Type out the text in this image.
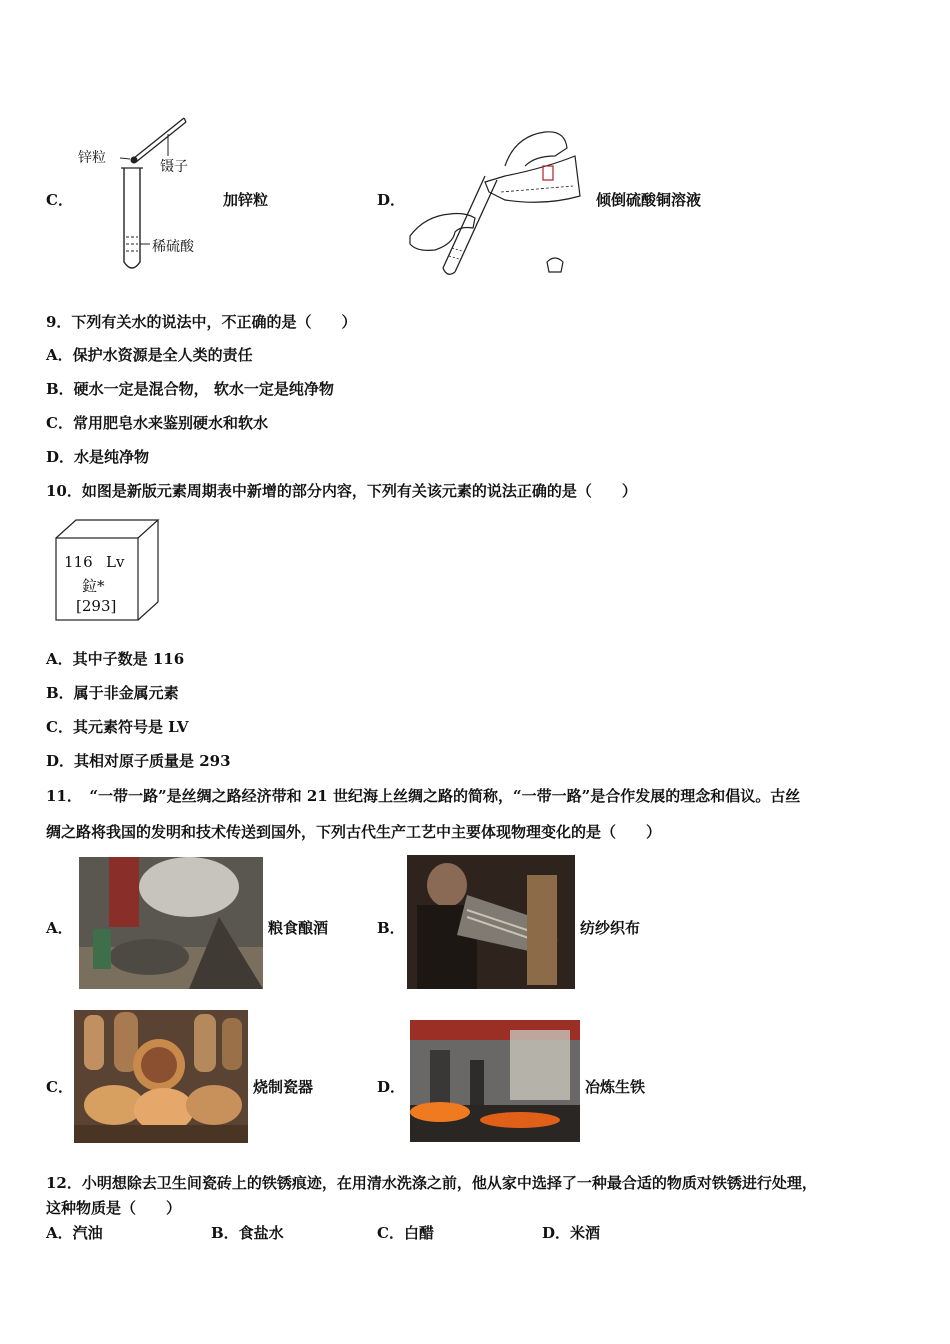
C．
锌粒
镊子
稀硫酸
加锌粒	D．	倾倒硫酸铜溶液
9．下列有关水的说法中，不正确的是（　　）
A．保护水资源是全人类的责任
B．硬水一定是混合物， 软水一定是纯净物
C．常用肥皂水来鉴别硬水和软水
D．水是纯净物
10．如图是新版元素周期表中新增的部分内容，下列有关该元素的说法正确的是（　　）
116 Lv
鉝*
[293]
A．其中子数是 116
B．属于非金属元素
C．其元素符号是 LV
D．其相对原子质量是 293
11．　“一带一路”是丝绸之路经济带和 21 世纪海上丝绸之路的简称，“一带一路”是合作发展的理念和倡议。古丝
绸之路将我国的发明和技术传送到国外，下列古代生产工艺中主要体现物理变化的是（　　）
A．	粮食酿酒	B．	纺纱织布
C．	烧制瓷器	D．	冶炼生铁
12．小明想除去卫生间瓷砖上的铁锈痕迹，在用清水洗涤之前，他从家中选择了一种最合适的物质对铁锈进行处理，
这种物质是（　　）
A．汽油	B．食盐水	C．白醋	D．米酒
